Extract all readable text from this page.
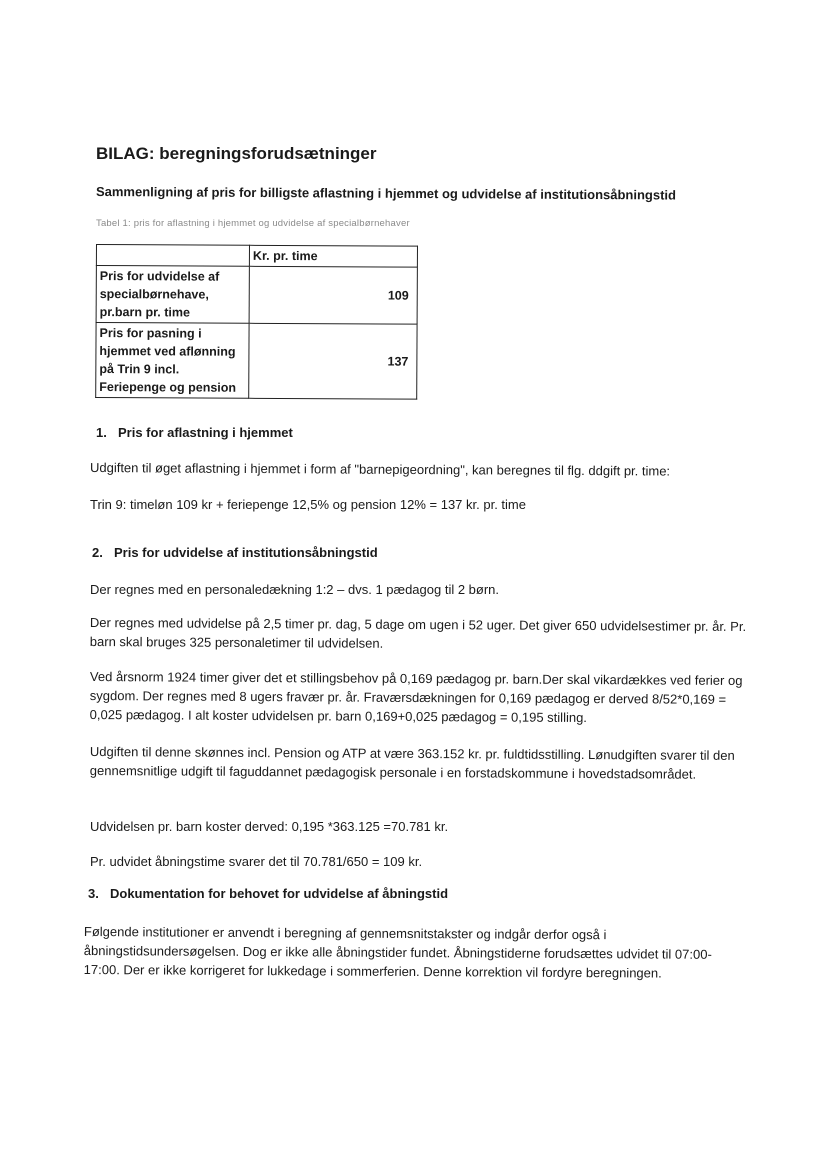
BILAG: beregningsforudsætninger
Sammenligning af pris for billigste aflastning i hjemmet og udvidelse af institutionsåbningstid
Tabel 1: pris for aflastning i hjemmet og udvidelse af specialbørnehaver
	Kr. pr. time
Pris for udvidelse af specialbørnehave, pr.barn pr. time	109
Pris for pasning i hjemmet ved aflønning på Trin 9 incl. Feriepenge og pension	137
1. Pris for aflastning i hjemmet
Udgiften til øget aflastning i hjemmet i form af "barnepigeordning", kan beregnes til flg. ddgift pr. time:
Trin 9: timeløn 109 kr + feriepenge 12,5% og pension 12% = 137 kr. pr. time
2. Pris for udvidelse af institutionsåbningstid
Der regnes med en personaledækning 1:2 – dvs. 1 pædagog til 2 børn.
Der regnes med udvidelse på 2,5 timer pr. dag, 5 dage om ugen i 52 uger. Det giver 650 udvidelsestimer pr. år. Pr. barn skal bruges 325 personaletimer til udvidelsen.
Ved årsnorm 1924 timer giver det et stillingsbehov på 0,169 pædagog pr. barn.Der skal vikardækkes ved ferier og sygdom. Der regnes med 8 ugers fravær pr. år. Fraværsdækningen for 0,169 pædagog er derved 8/52*0,169 = 0,025 pædagog. I alt koster udvidelsen pr. barn 0,169+0,025 pædagog = 0,195 stilling.
Udgiften til denne skønnes incl. Pension og ATP at være 363.152 kr. pr. fuldtidsstilling. Lønudgiften svarer til den gennemsnitlige udgift til faguddannet pædagogisk personale i en forstadskommune i hovedstadsområdet.
Udvidelsen pr. barn koster derved: 0,195 *363.125 =70.781 kr.
Pr. udvidet åbningstime svarer det til 70.781/650 = 109 kr.
3. Dokumentation for behovet for udvidelse af åbningstid
Følgende institutioner er anvendt i beregning af gennemsnitstakster og indgår derfor også i åbningstidsundersøgelsen. Dog er ikke alle åbningstider fundet. Åbningstiderne forudsættes udvidet til 07:00-17:00. Der er ikke korrigeret for lukkedage i sommerferien. Denne korrektion vil fordyre beregningen.
